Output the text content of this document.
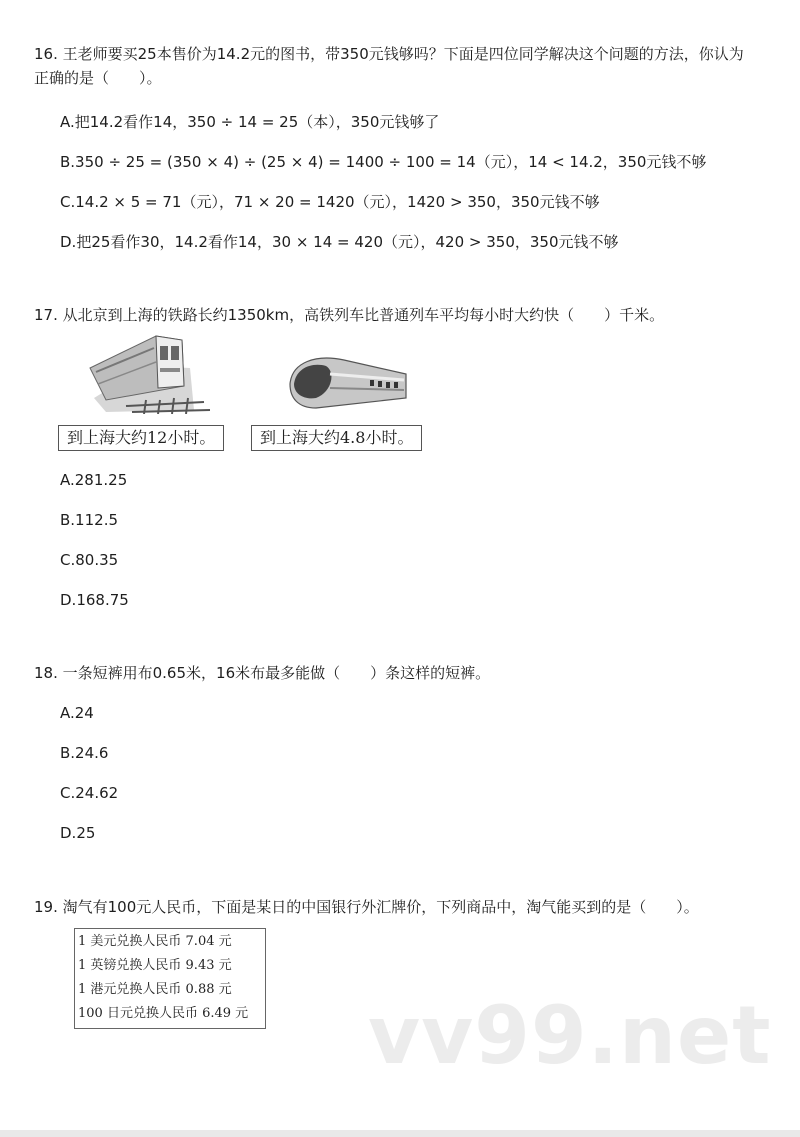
16. 王老师要买25本售价为14.2元的图书，带350元钱够吗？下面是四位同学解决这个问题的方法，你认为
正确的是（　　）。
A.把14.2看作14，350 ÷ 14 = 25（本），350元钱够了
B.350 ÷ 25 = (350 × 4) ÷ (25 × 4) = 1400 ÷ 100 = 14（元），14 < 14.2，350元钱不够
C.14.2 × 5 = 71（元），71 × 20 = 1420（元），1420 > 350，350元钱不够
D.把25看作30，14.2看作14，30 × 14 = 420（元），420 > 350，350元钱不够
17. 从北京到上海的铁路长约1350km，高铁列车比普通列车平均每小时大约快（　　）千米。
到上海大约12小时。	到上海大约4.8小时。
A.281.25
B.112.5
C.80.35
D.168.75
18. 一条短裤用布0.65米，16米布最多能做（　　）条这样的短裤。
A.24
B.24.6
C.24.62
D.25
19. 淘气有100元人民币，下面是某日的中国银行外汇牌价，下列商品中，淘气能买到的是（　　）。
1 美元兑换人民币 7.04 元
1 英镑兑换人民币 9.43 元
1 港元兑换人民币 0.88 元
100 日元兑换人民币 6.49 元 vv99.net
